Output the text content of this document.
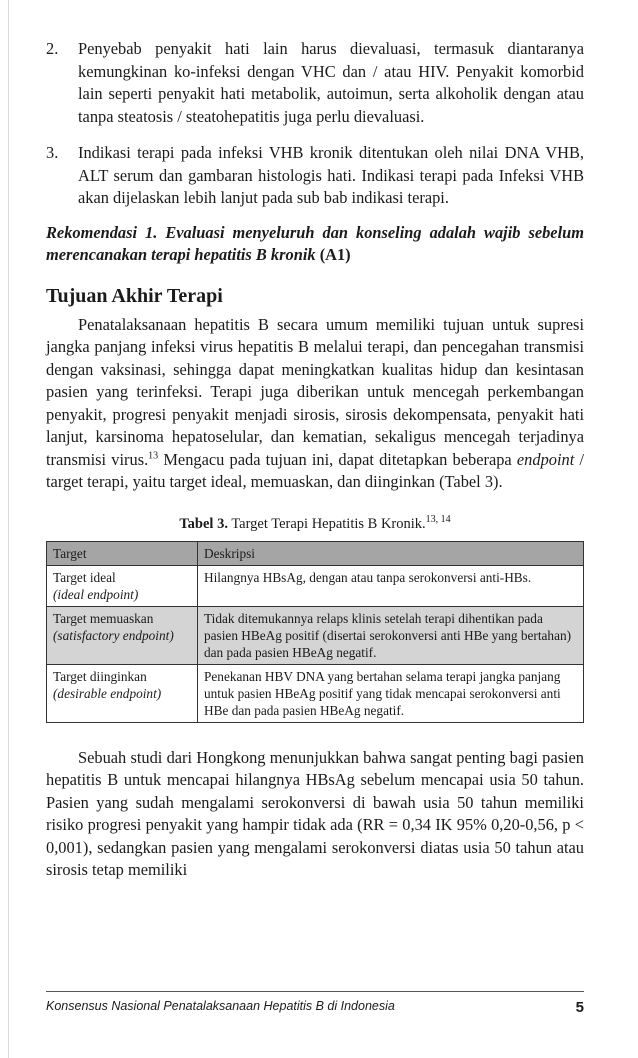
2.	Penyebab penyakit hati lain harus dievaluasi, termasuk diantaranya kemungkinan ko-infeksi dengan VHC dan / atau HIV. Penyakit komorbid lain seperti penyakit hati metabolik, autoimun, serta alkoholik dengan atau tanpa steatosis / steatohepatitis juga perlu dievaluasi.
3.	Indikasi terapi pada infeksi VHB kronik ditentukan oleh nilai DNA VHB, ALT serum dan gambaran histologis hati. Indikasi terapi pada Infeksi VHB akan dijelaskan lebih lanjut pada sub bab indikasi terapi.
Rekomendasi 1. Evaluasi menyeluruh dan konseling adalah wajib sebelum merencanakan terapi hepatitis B kronik (A1)
Tujuan Akhir Terapi

Penatalaksanaan hepatitis B secara umum memiliki tujuan untuk supresi jangka panjang infeksi virus hepatitis B melalui terapi, dan pencegahan transmisi dengan vaksinasi, sehingga dapat meningkatkan kualitas hidup dan kesintasan pasien yang terinfeksi. Terapi juga diberikan untuk mencegah perkembangan penyakit, progresi penyakit menjadi sirosis, sirosis dekompensata, penyakit hati lanjut, karsinoma hepatoselular, dan kematian, sekaligus mencegah terjadinya transmisi virus.$^{13}$ Mengacu pada tujuan ini, dapat ditetapkan beberapa endpoint / target terapi, yaitu target ideal, memuaskan, dan diinginkan (Tabel 3).

Tabel 3. Target Terapi Hepatitis B Kronik.$^{13, 14}$
Target	Deskripsi
Target ideal
(ideal endpoint)	Hilangnya HBsAg, dengan atau tanpa serokonversi anti-HBs.
Target memuaskan
(satisfactory endpoint)	Tidak ditemukannya relaps klinis setelah terapi dihentikan pada pasien HBeAg positif (disertai serokonversi anti HBe yang bertahan) dan pada pasien HBeAg negatif.
Target diinginkan
(desirable endpoint)	Penekanan HBV DNA yang bertahan selama terapi jangka panjang untuk pasien HBeAg positif yang tidak mencapai serokonversi anti HBe dan pada pasien HBeAg negatif.

Sebuah studi dari Hongkong menunjukkan bahwa sangat penting bagi pasien hepatitis B untuk mencapai hilangnya HBsAg sebelum mencapai usia 50 tahun. Pasien yang sudah mengalami serokonversi di bawah usia 50 tahun memiliki risiko progresi penyakit yang hampir tidak ada (RR = 0,34 IK 95% 0,20-0,56, p < 0,001), sedangkan pasien yang mengalami serokonversi diatas usia 50 tahun atau sirosis tetap memiliki

Konsensus Nasional Penatalaksanaan Hepatitis B di Indonesia	5
